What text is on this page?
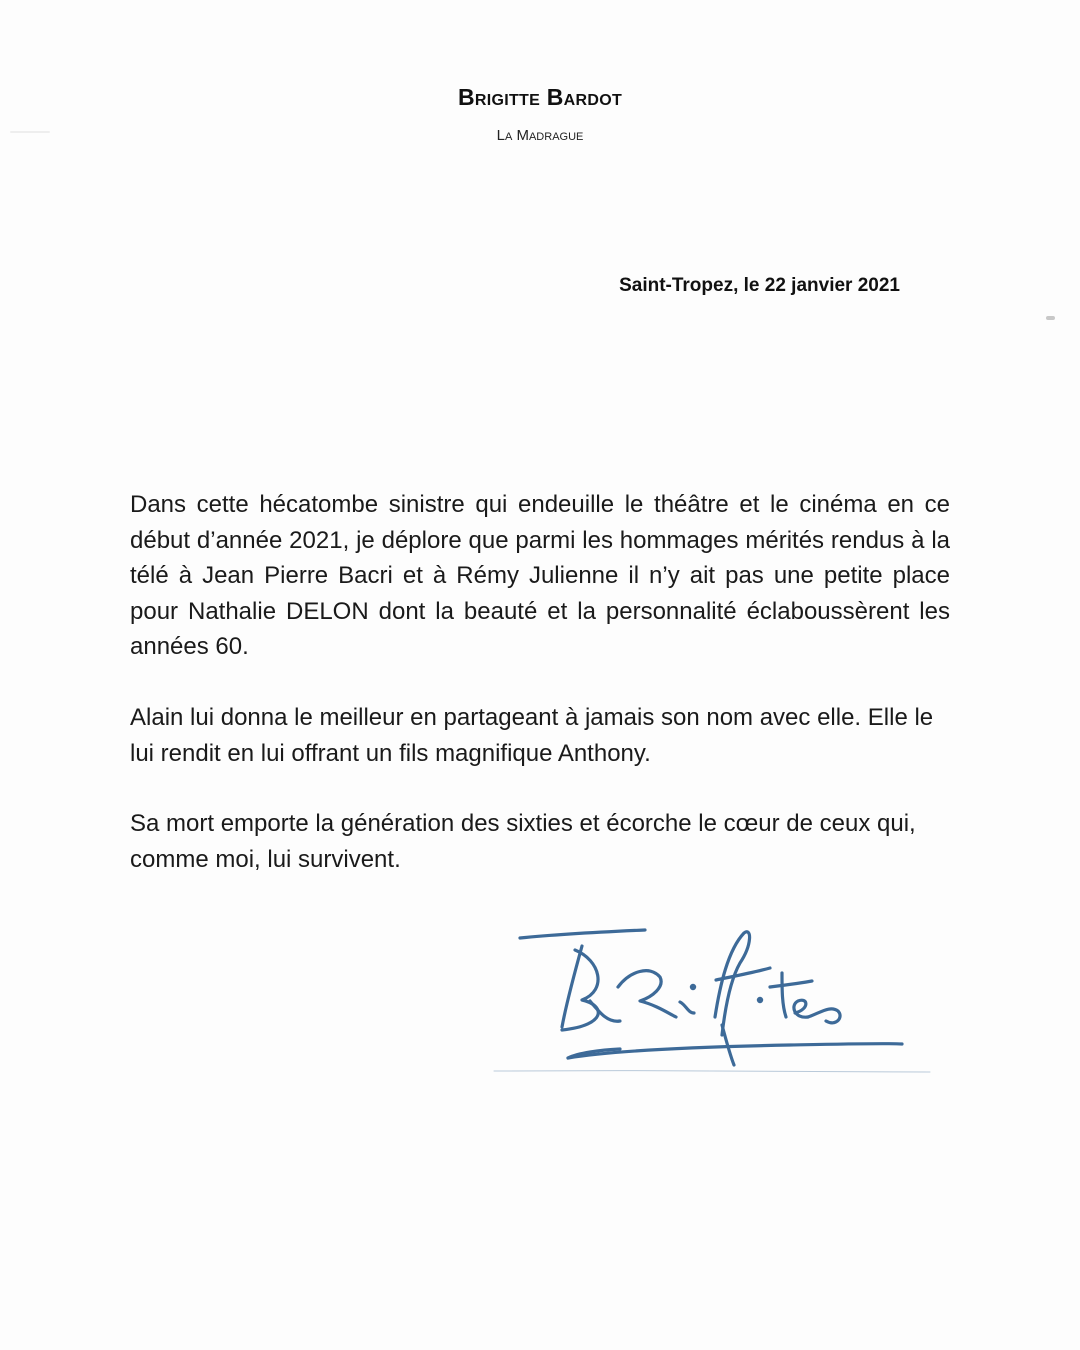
Brigitte Bardot
La Madrague
Saint-Tropez, le 22 janvier 2021
Dans cette hécatombe sinistre qui endeuille le théâtre et le cinéma en ce début d’année 2021, je déplore que parmi les hommages mérités rendus à la télé à Jean Pierre Bacri et à Rémy Julienne il n’y ait pas une petite place pour Nathalie DELON dont la beauté et la personnalité éclaboussèrent les années 60.
Alain lui donna le meilleur en partageant à jamais son nom avec elle. Elle le lui rendit en lui offrant un fils magnifique Anthony.
Sa mort emporte la génération des sixties et écorche le cœur de ceux qui, comme moi, lui survivent.
